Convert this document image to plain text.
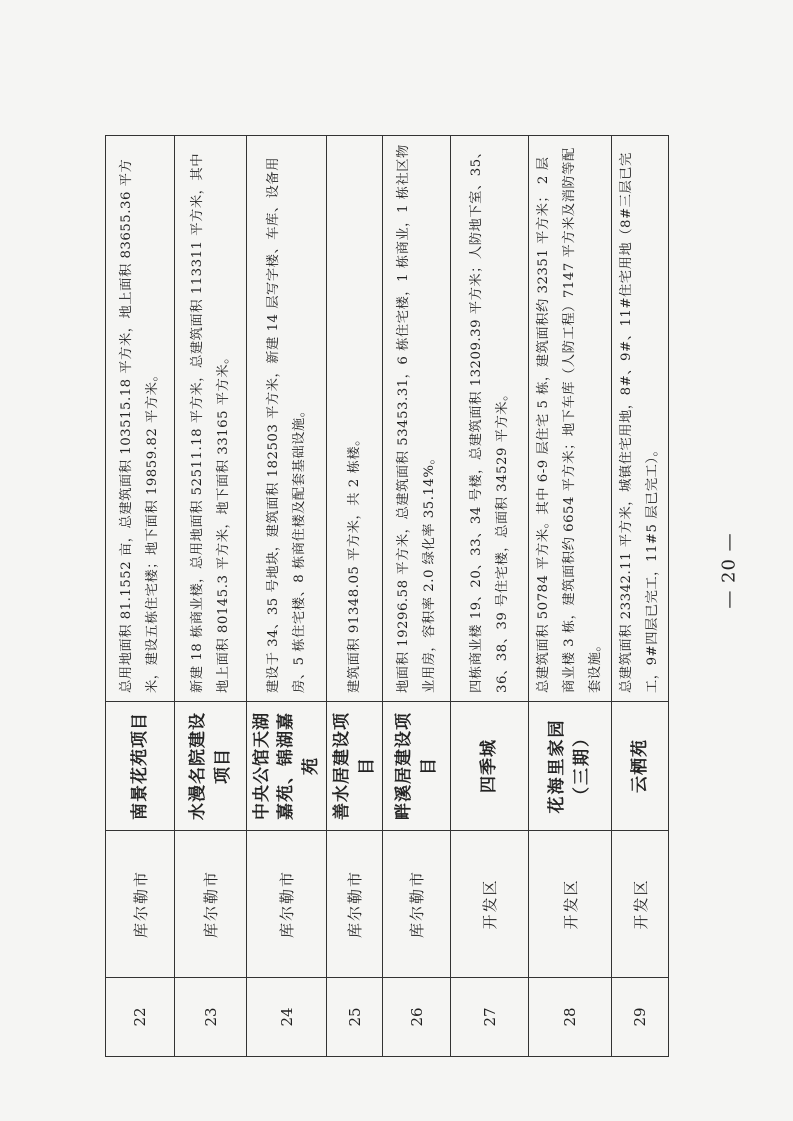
22	库尔勒市	南景花苑项目	总用地面积 81.1552 亩，总建筑面积 103515.18 平方米，地上面积 83655.36 平方米，建设五栋住宅楼；地下面积 19859.82 平方米。
23	库尔勒市	水漫名院建设项目	新建 18 栋商业楼，总用地面积 52511.18 平方米，总建筑面积 113311 平方米，其中地上面积 80145.3 平方米，地下面积 33165 平方米。
24	库尔勒市	中央公馆天湖嘉苑、锦湖嘉苑	建设于 34、35 号地块，建筑面积 182503 平方米，新建 14 层写字楼、车库、设备用房、5 栋住宅楼、8 栋商住楼及配套基础设施。
25	库尔勒市	善水居建设项目	建筑面积 91348.05 平方米，共 2 栋楼。
26	库尔勒市	畔溪居建设项目	地面积 19296.58 平方米，总建筑面积 53453.31，6 栋住宅楼，1 栋商业，1 栋社区物业用房，容积率 2.0 绿化率 35.14%。
27	开发区	四季城	四栋商业楼 19、20、33、34 号楼，总建筑面积 13209.39 平方米；人防地下室、35、36、38、39 号住宅楼，总面积 34529 平方米。
28	开发区	花海里家园（三期）	总建筑面积 50784 平方米。其中 6-9 层住宅 5 栋，建筑面积约 32351 平方米； 2 层商业楼 3 栋，建筑面积约 6654 平方米；地下车库（人防工程）7147 平方米及消防等配套设施。
29	开发区	云栖苑	总建筑面积 23342.11 平方米，城镇住宅用地，8#、9#、11#住宅用地（8#三层已完工，9#四层已完工，11#5 层已完工）。	— 20 —
